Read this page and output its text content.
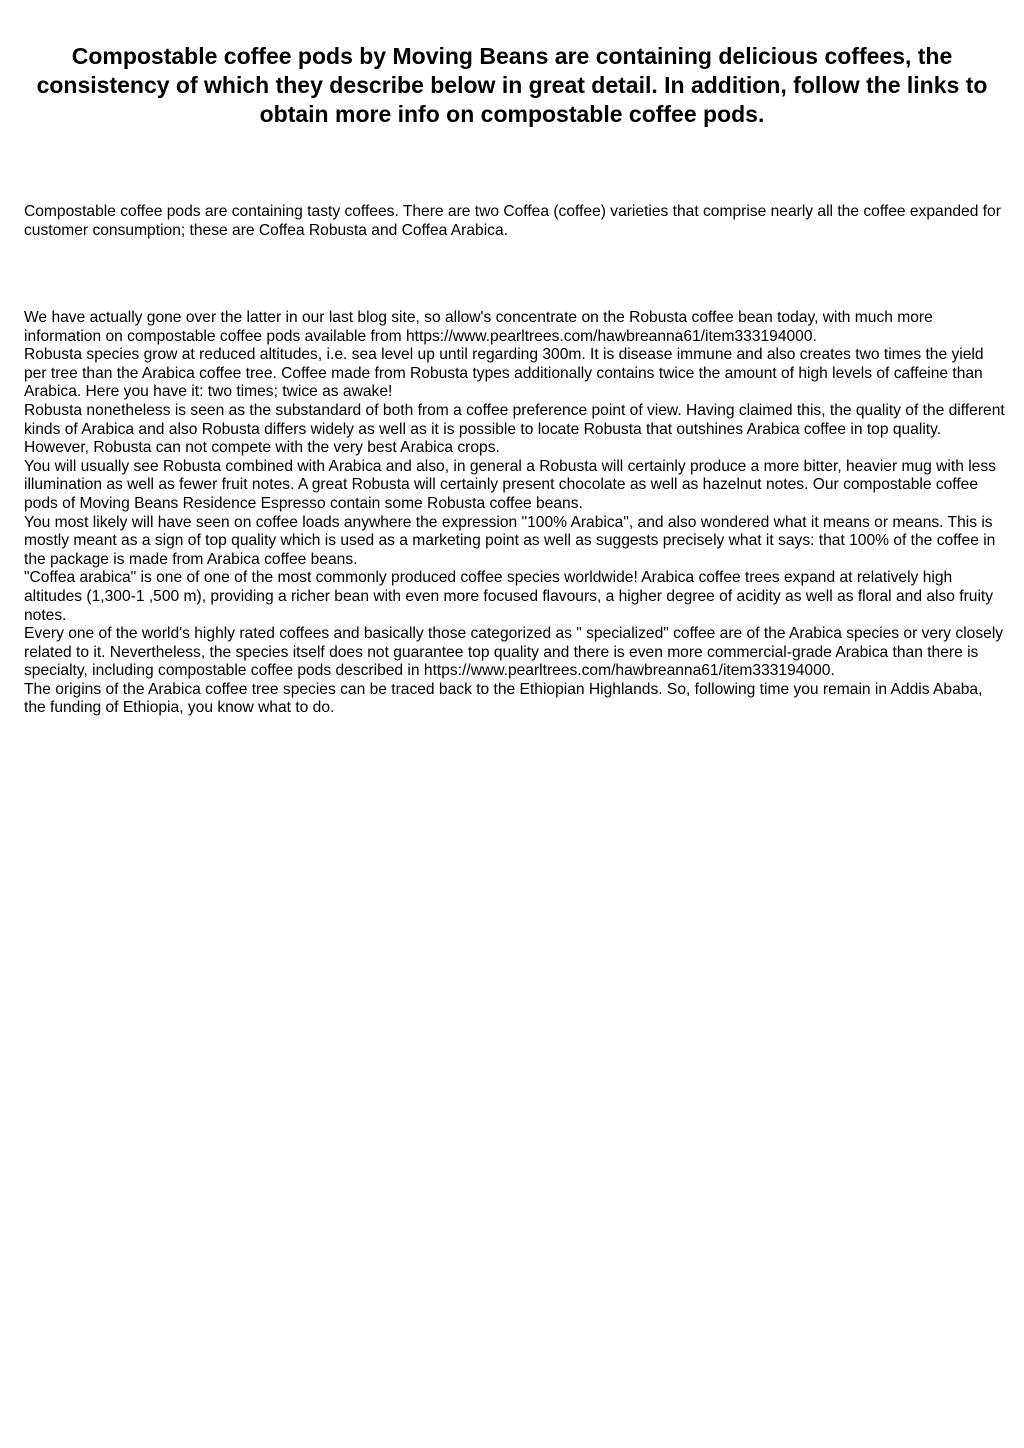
Compostable coffee pods by Moving Beans are containing delicious coffees, the consistency of which they describe below in great detail. In addition, follow the links to obtain more info on compostable coffee pods.

Compostable coffee pods are containing tasty coffees. There are two Coffea (coffee) varieties that comprise nearly all the coffee expanded for customer consumption; these are Coffea Robusta and Coffea Arabica.

We have actually gone over the latter in our last blog site, so allow's concentrate on the Robusta coffee bean today, with much more information on compostable coffee pods available from https://www.pearltrees.com/hawbreanna61/item333194000.

Robusta species grow at reduced altitudes, i.e. sea level up until regarding 300m. It is disease immune and also creates two times the yield per tree than the Arabica coffee tree. Coffee made from Robusta types additionally contains twice the amount of high levels of caffeine than Arabica. Here you have it: two times; twice as awake!

Robusta nonetheless is seen as the substandard of both from a coffee preference point of view. Having claimed this, the quality of the different kinds of Arabica and also Robusta differs widely as well as it is possible to locate Robusta that outshines Arabica coffee in top quality. However, Robusta can not compete with the very best Arabica crops.

You will usually see Robusta combined with Arabica and also, in general a Robusta will certainly produce a more bitter, heavier mug with less illumination as well as fewer fruit notes. A great Robusta will certainly present chocolate as well as hazelnut notes. Our compostable coffee pods of Moving Beans Residence Espresso contain some Robusta coffee beans.

You most likely will have seen on coffee loads anywhere the expression "100% Arabica", and also wondered what it means or means. This is mostly meant as a sign of top quality which is used as a marketing point as well as suggests precisely what it says: that 100% of the coffee in the package is made from Arabica coffee beans.

"Coffea arabica" is one of one of the most commonly produced coffee species worldwide! Arabica coffee trees expand at relatively high altitudes (1,300-1 ,500 m), providing a richer bean with even more focused flavours, a higher degree of acidity as well as floral and also fruity notes.

Every one of the world's highly rated coffees and basically those categorized as " specialized" coffee are of the Arabica species or very closely related to it. Nevertheless, the species itself does not guarantee top quality and there is even more commercial-grade Arabica than there is specialty, including compostable coffee pods described in https://www.pearltrees.com/hawbreanna61/item333194000.

The origins of the Arabica coffee tree species can be traced back to the Ethiopian Highlands. So, following time you remain in Addis Ababa, the funding of Ethiopia, you know what to do.
